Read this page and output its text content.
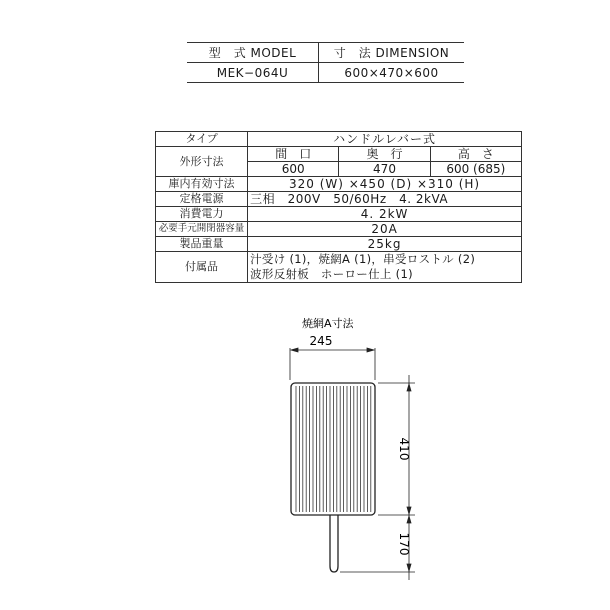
型　式 MODEL	寸　法 DIMENSION
MEK−064U	600×470×600
タイプ	ハンドルレバー式		
外形寸法	間　口	奥　行	高　さ
	600	470	600 (685)
庫内有効寸法	320 (W) ×450 (D) ×310 (H)		
定格電源	三相　200V　50/60Hz　4. 2kVA		
消費電力	4. 2kW		
必要手元開閉器容量	20A		
製品重量	25kg		
付属品	汁受け (1)，焼網A (1)，串受ロストル (2)
波形反射板　ホーロー仕上 (1)		
焼網A寸法
245
410
170
